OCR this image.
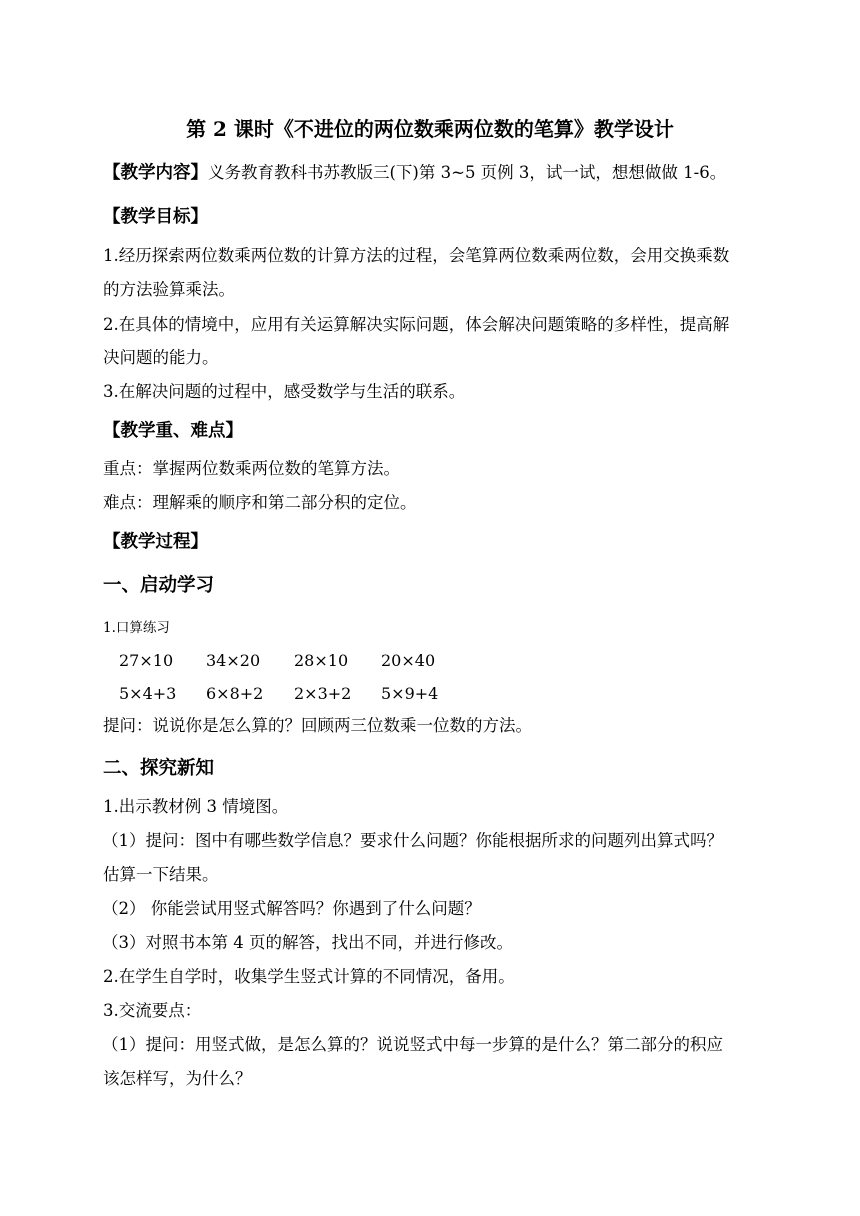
第 2 课时《不进位的两位数乘两位数的笔算》教学设计
【教学内容】义务教育教科书苏教版三(下)第 3~5 页例 3，试一试，想想做做 1-6。
【教学目标】
1.经历探索两位数乘两位数的计算方法的过程，会笔算两位数乘两位数，会用交换乘数
的方法验算乘法。
2.在具体的情境中，应用有关运算解决实际问题，体会解决问题策略的多样性，提高解
决问题的能力。
3.在解决问题的过程中，感受数学与生活的联系。
【教学重、难点】
重点：掌握两位数乘两位数的笔算方法。
难点：理解乘的顺序和第二部分积的定位。
【教学过程】
一、启动学习
1.口算练习
27×10 34×20 28×10 20×40
5×4+3 6×8+2 2×3+2 5×9+4
提问：说说你是怎么算的？回顾两三位数乘一位数的方法。
二、探究新知
1.出示教材例 3 情境图。
（1）提问：图中有哪些数学信息？要求什么问题？你能根据所求的问题列出算式吗？
估算一下结果。
（2） 你能尝试用竖式解答吗？你遇到了什么问题？
（3）对照书本第 4 页的解答，找出不同，并进行修改。
2.在学生自学时，收集学生竖式计算的不同情况，备用。
3.交流要点：
（1）提问：用竖式做，是怎么算的？说说竖式中每一步算的是什么？第二部分的积应
该怎样写，为什么？
